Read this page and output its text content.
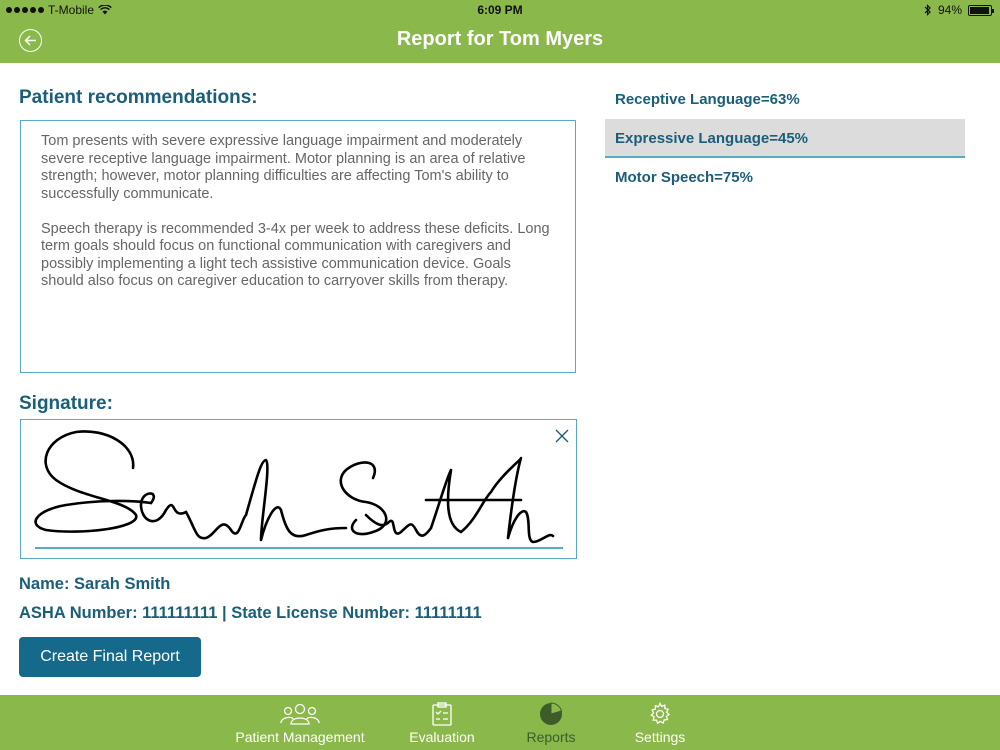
T-Mobile	6:09 PM	94%
Report for Tom Myers
Patient recommendations:

Tom presents with severe expressive language impairment and moderately severe receptive language impairment. Motor planning is an area of relative strength; however, motor planning difficulties are affecting Tom's ability to successfully communicate.

Speech therapy is recommended 3-4x per week to address these deficits. Long term goals should focus on functional communication with caregivers and possibly implementing a light tech assistive communication device. Goals should also focus on caregiver education to carryover skills from therapy.

Signature:
Name: Sarah Smith
ASHA Number: 111111111 | State License Number: 11111111
Create Final Report
Receptive Language=63%
Expressive Language=45%
Motor Speech=75%
Patient Management	Evaluation	Reports	Settings
